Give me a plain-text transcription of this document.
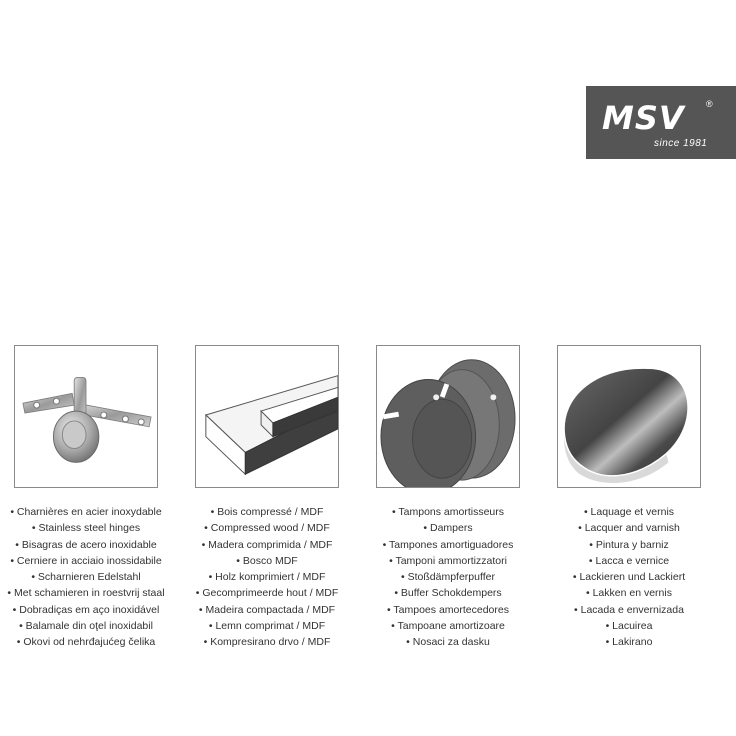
MSV ®
since 1981
• Charnières en acier inoxydable
• Stainless steel hinges
• Bisagras de acero inoxidable
• Cerniere in acciaio inossidabile
• Scharnieren Edelstahl
• Met schamieren in roestvrij staal
• Dobradiças em aço inoxidável
• Balamale din oţel inoxidabil
• Okovi od nehrđajućeg čelika
• Bois compressé / MDF
• Compressed wood / MDF
• Madera comprimida / MDF
• Bosco MDF
• Holz komprimiert / MDF
• Gecomprimeerde hout / MDF
• Madeira compactada / MDF
• Lemn comprimat / MDF
• Kompresirano drvo / MDF
• Tampons amortisseurs
• Dampers
• Tampones amortiguadores
• Tamponi ammortizzatori
• Stoßdämpferpuffer
• Buffer Schokdempers
• Tampoes amortecedores
• Tampoane amortizoare
• Nosaci za dasku
• Laquage et vernis
• Lacquer and varnish
• Pintura y barniz
• Lacca e vernice
• Lackieren und Lackiert
• Lakken en vernis
• Lacada e envernizada
• Lacuirea
• Lakirano
